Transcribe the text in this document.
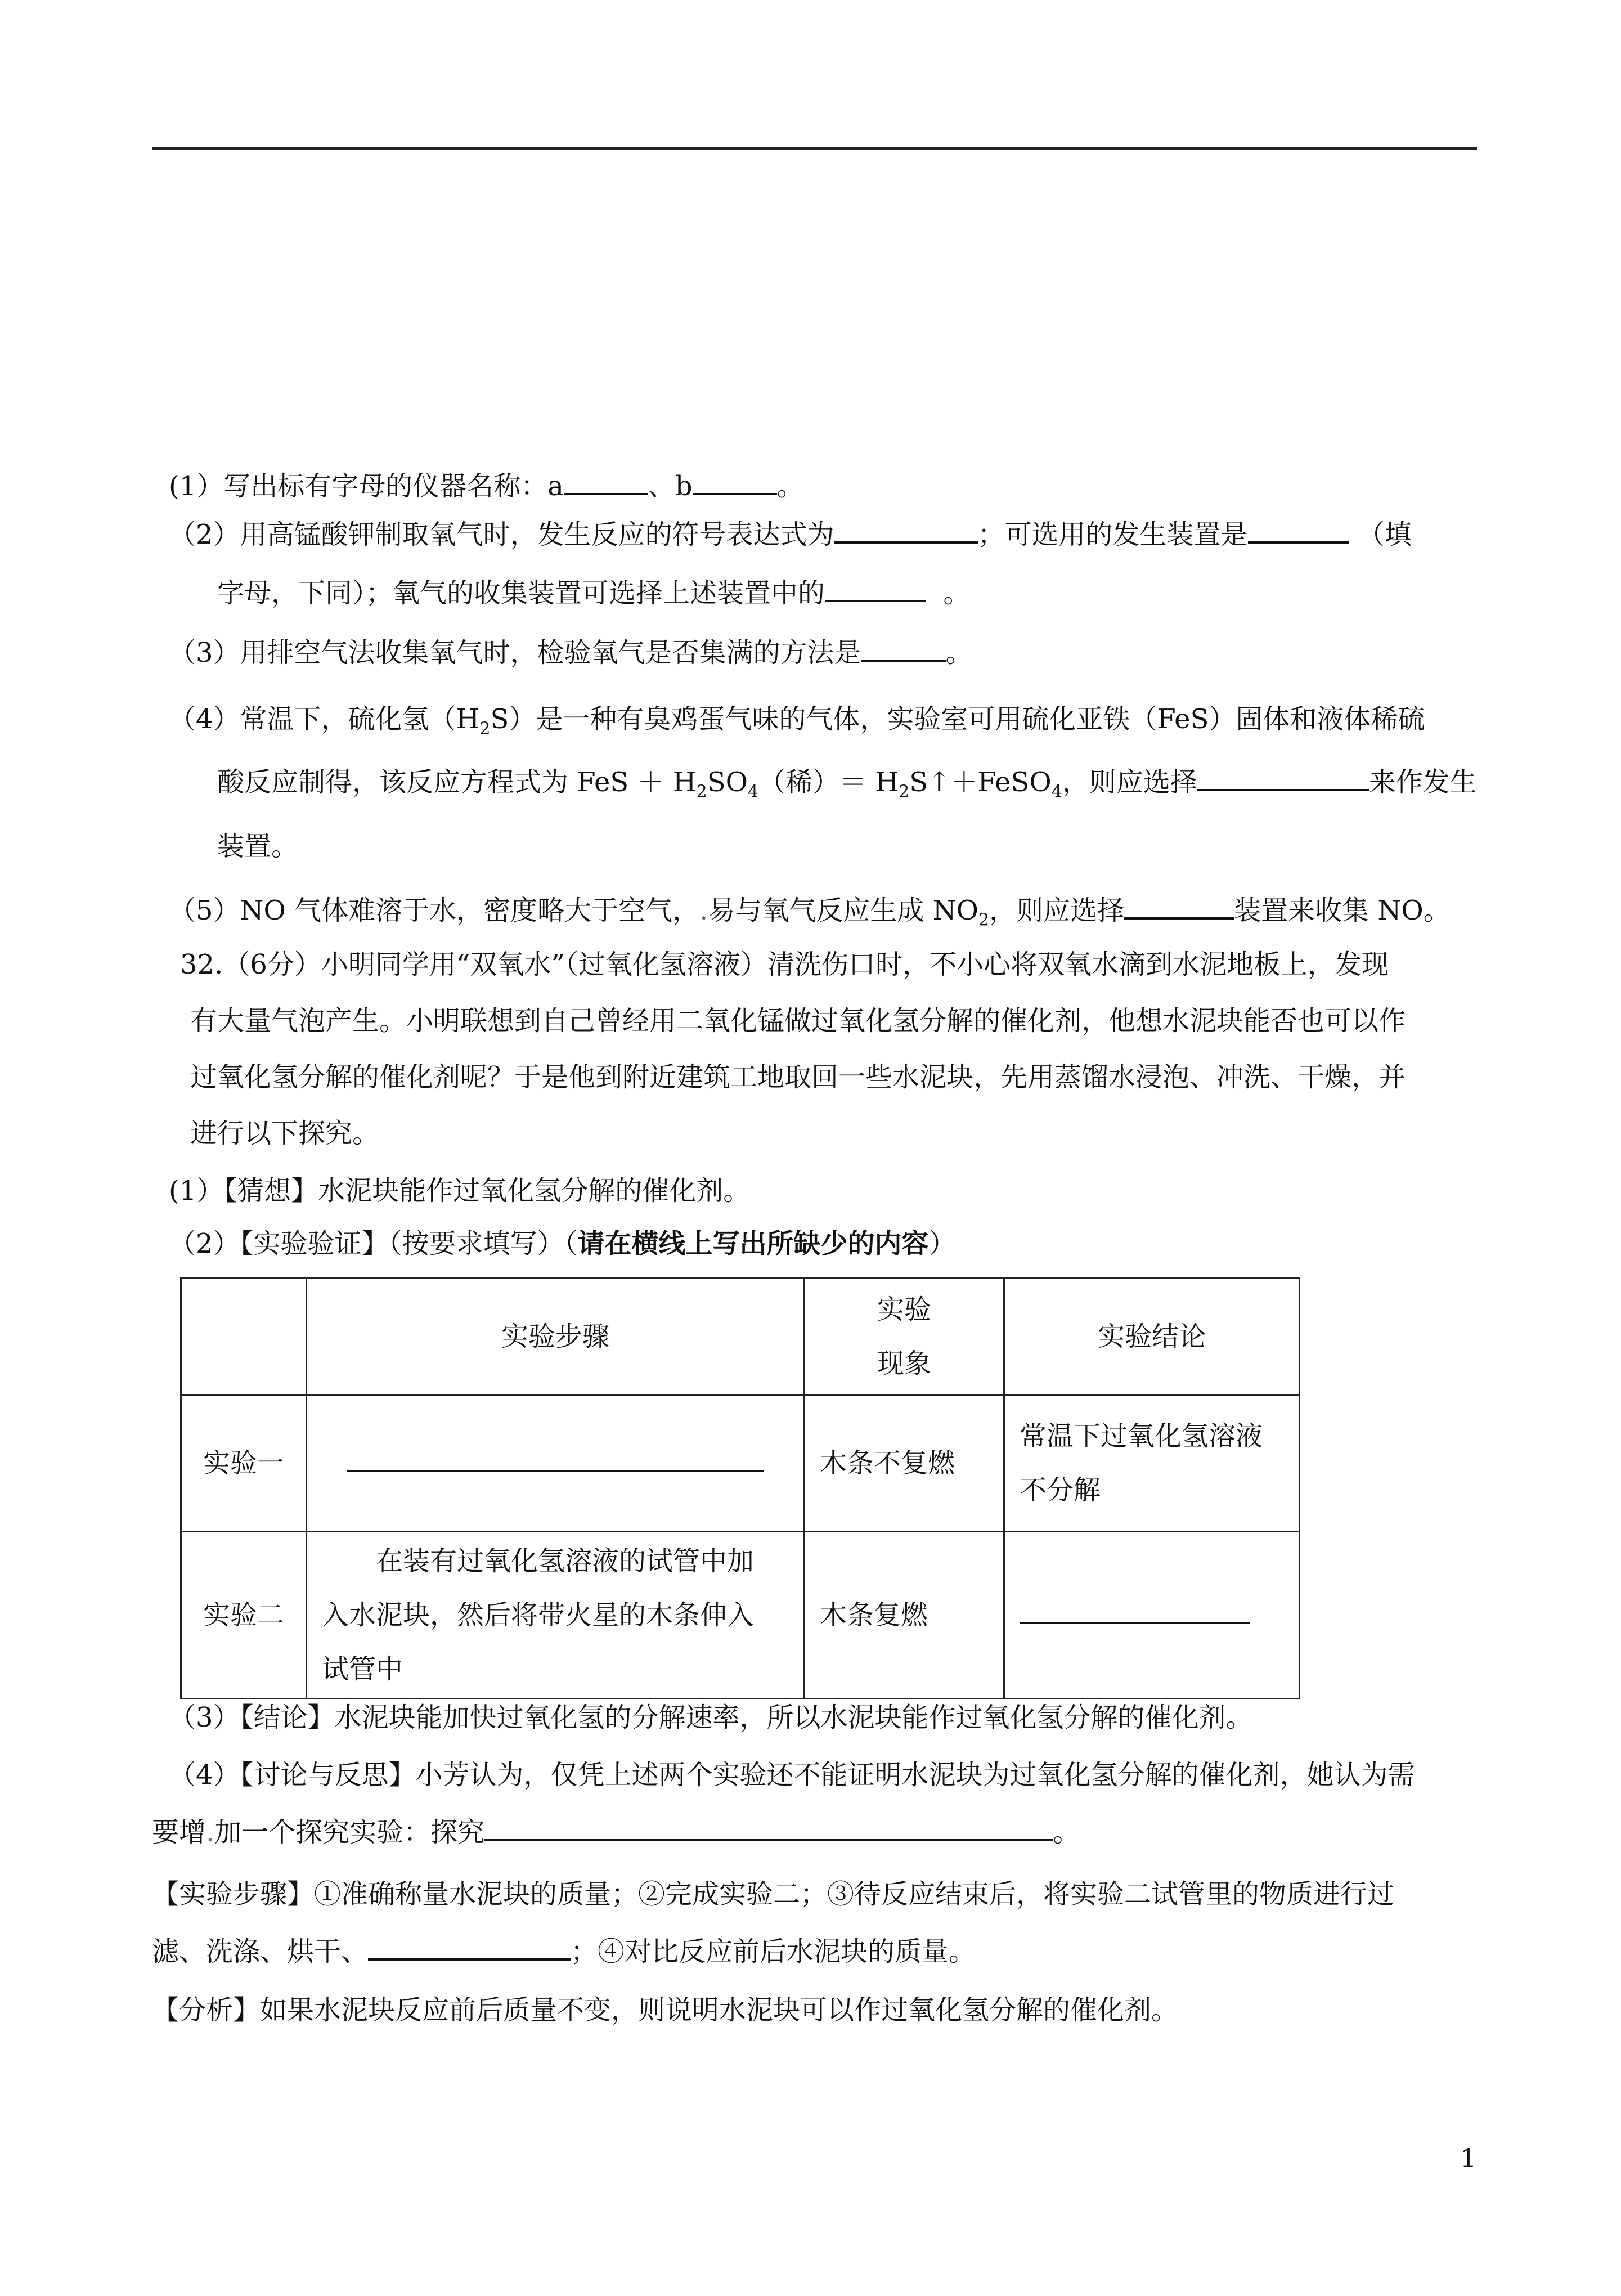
(1）写出标有字母的仪器名称：a	、b	。
（2）用高锰酸钾制取氧气时，发生反应的符号表达式为	；可选用的发生装置是	（填
字母，下同）；氧气的收集装置可选择上述装置中的	。
（3）用排空气法收集氧气时，检验氧气是否集满的方法是	。
（4）常温下，硫化氢$(H_2S)$是一种有臭鸡蛋气味的气体，实验室可用硫化亚铁（FeS）固体和液体稀硫
酸反应制得，该反应方程式为 FeS ＋ $H_2SO_4$（稀）＝ $H_2S↑+FeSO_4$，则应选择	来作发生
装置。
（5）NO 气体难溶于水，密度略大于空气，.易与氧气反应生成 $NO_2$，则应选择	装置来收集 NO。
32.（6分）小明同学用“双氧水”（过氧化氢溶液）清洗伤口时，不小心将双氧水滴到水泥地板上，发现
有大量气泡产生。小明联想到自己曾经用二氧化锰做过氧化氢分解的催化剂，他想水泥块能否也可以作
过氧化氢分解的催化剂呢？于是他到附近建筑工地取回一些水泥块，先用蒸馏水浸泡、冲洗、干燥，并
进行以下探究。
(1）【猜想】水泥块能作过氧化氢分解的催化剂。
（2）【实验验证】（按要求填写）（请在横线上写出所缺少的内容）
	实验步骤	实验
现象	实验结论
实验一		木条不复燃	常温下过氧化氢溶液
不分解

实验二	　　在装有过氧化氢溶液的试管中加
入水泥块，然后将带火星的木条伸入
试管中	木条复燃	
（3）【结论】水泥块能加快过氧化氢的分解速率，所以水泥块能作过氧化氢分解的催化剂。
（4）【讨论与反思】小芳认为，仅凭上述两个实验还不能证明水泥块为过氧化氢分解的催化剂，她认为需
要增.加一个探究实验：探究	。
【实验步骤】①准确称量水泥块的质量；②完成实验二；③待反应结束后，将实验二试管里的物质进行过
滤、洗涤、烘干、	；④对比反应前后水泥块的质量。
【分析】如果水泥块反应前后质量不变，则说明水泥块可以作过氧化氢分解的催化剂。
1
